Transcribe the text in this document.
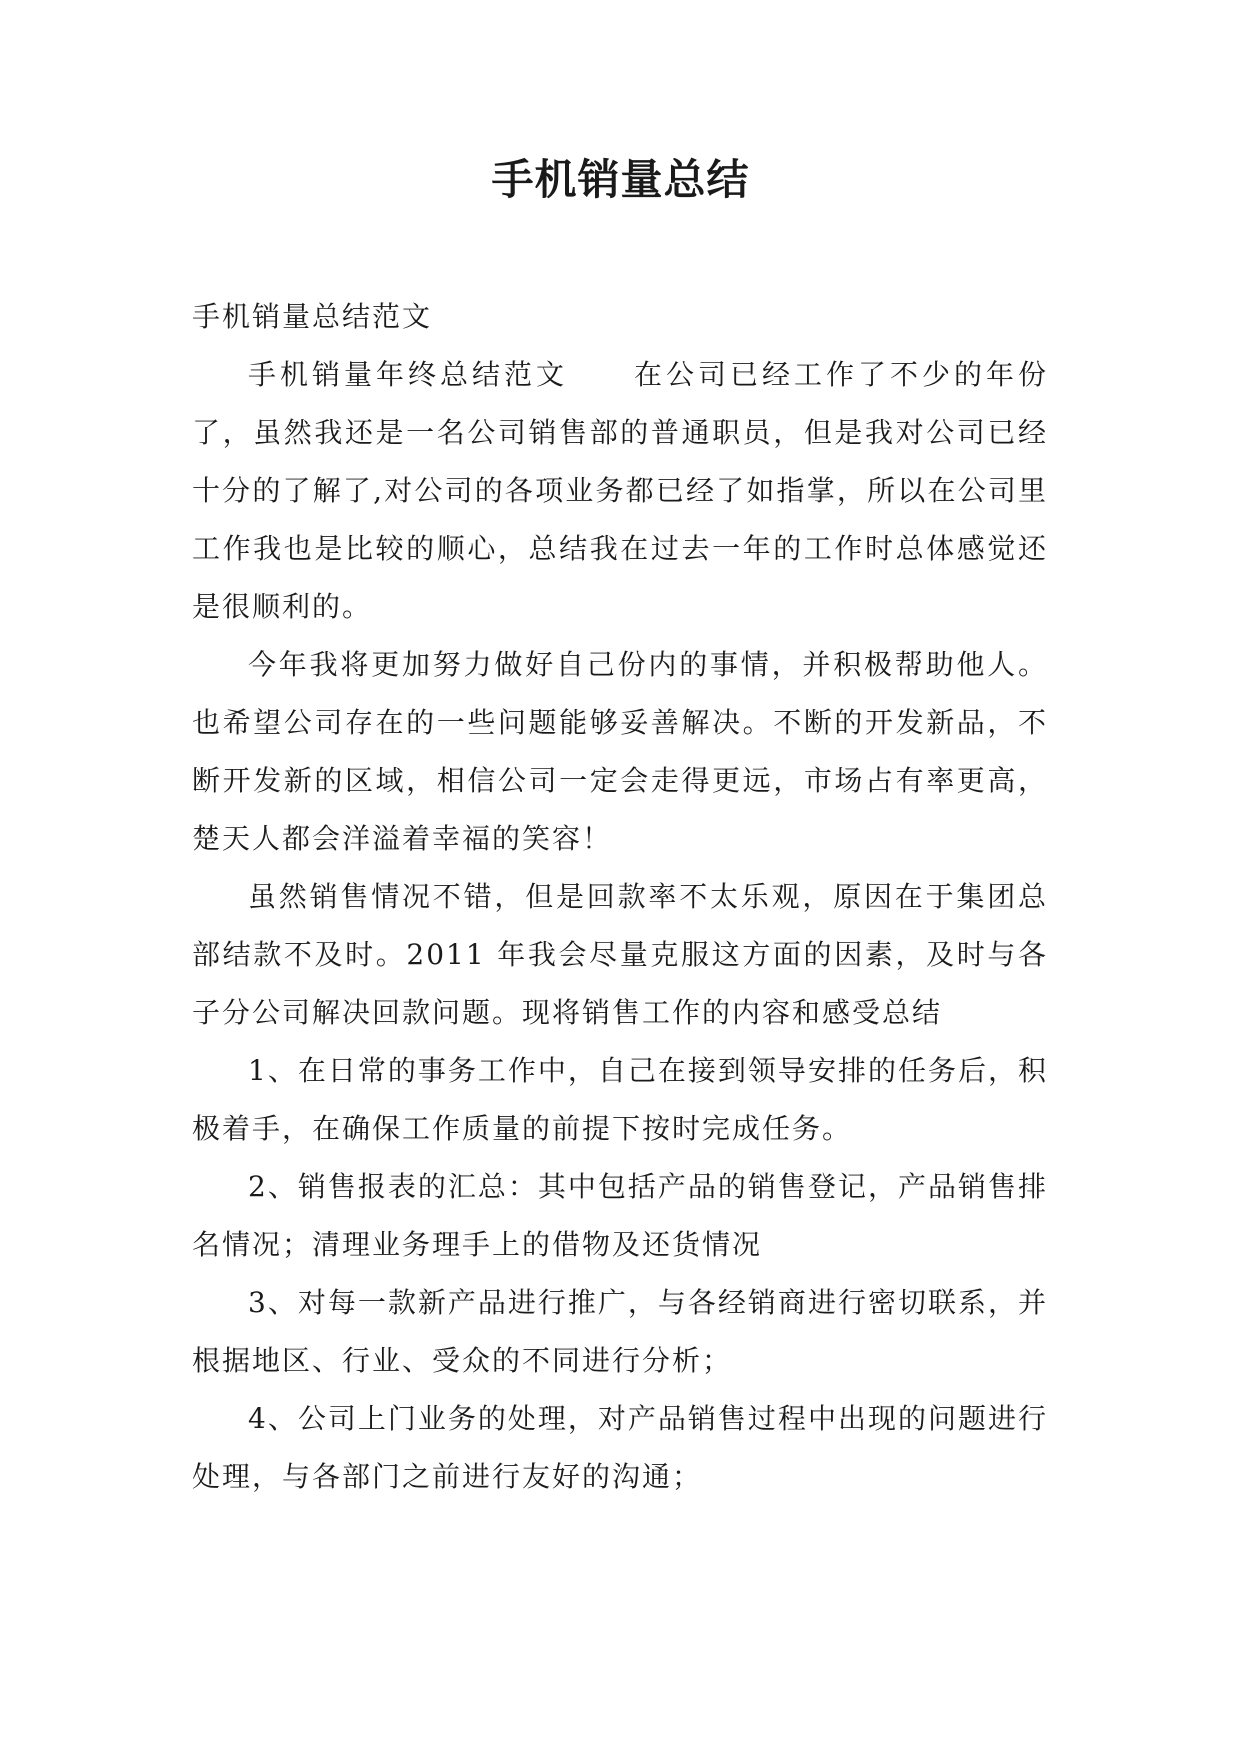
手机销量总结

手机销量总结范文

手机销量年终总结范文 在公司已经工作了不少的年份了，虽然我还是一名公司销售部的普通职员，但是我对公司已经十分的了解了,对公司的各项业务都已经了如指掌，所以在公司里工作我也是比较的顺心，总结我在过去一年的工作时总体感觉还是很顺利的。

今年我将更加努力做好自己份内的事情，并积极帮助他人。也希望公司存在的一些问题能够妥善解决。不断的开发新品，不断开发新的区域，相信公司一定会走得更远，市场占有率更高，楚天人都会洋溢着幸福的笑容！

虽然销售情况不错，但是回款率不太乐观，原因在于集团总部结款不及时。2011 年我会尽量克服这方面的因素，及时与各子分公司解决回款问题。现将销售工作的内容和感受总结

1、在日常的事务工作中，自己在接到领导安排的任务后，积极着手，在确保工作质量的前提下按时完成任务。

2、销售报表的汇总：其中包括产品的销售登记，产品销售排名情况；清理业务理手上的借物及还货情况

3、对每一款新产品进行推广，与各经销商进行密切联系，并根据地区、行业、受众的不同进行分析；

4、公司上门业务的处理，对产品销售过程中出现的问题进行处理，与各部门之前进行友好的沟通；
